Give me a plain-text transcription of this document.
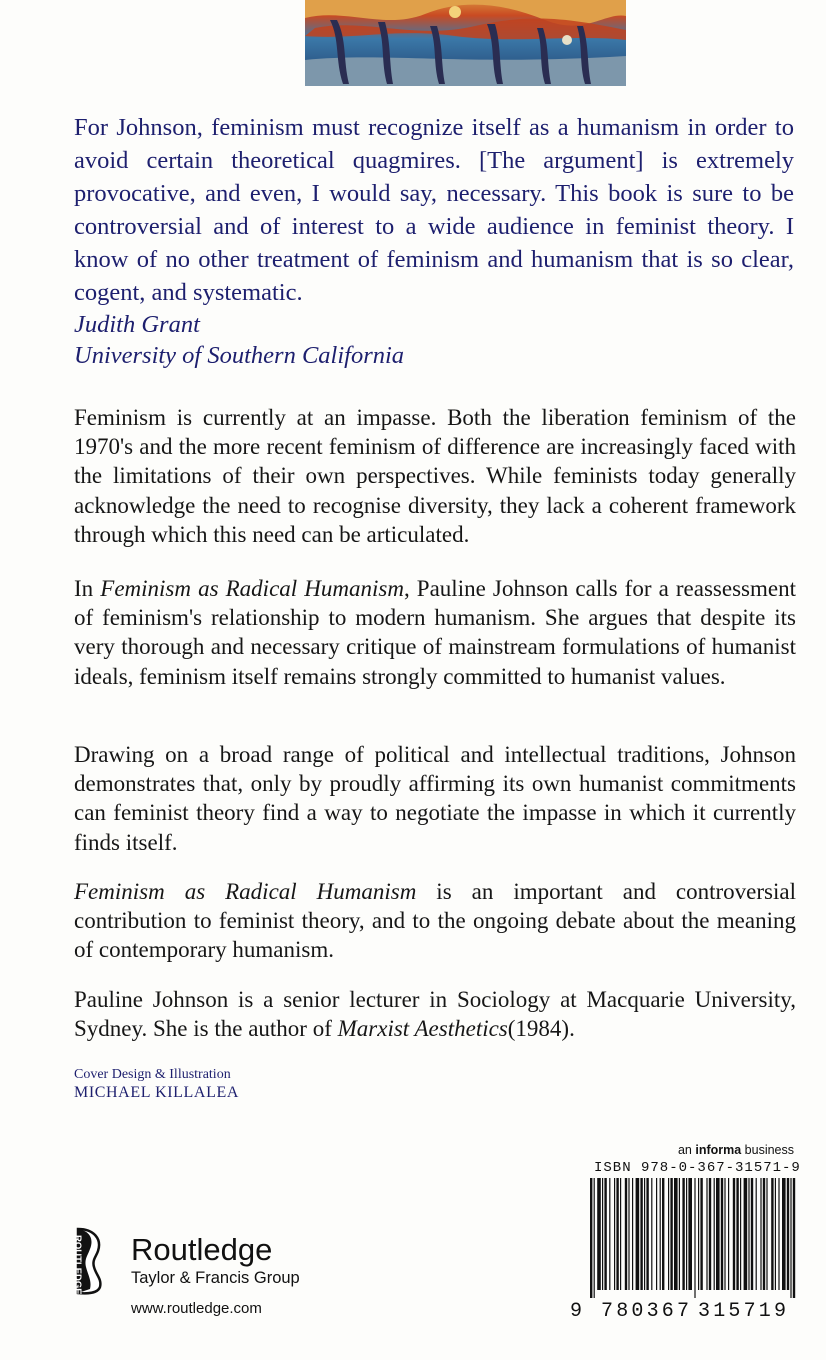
For Johnson, feminism must recognize itself as a humanism in order to avoid certain theoretical quagmires. [The argument] is extremely provocative, and even, I would say, necessary. This book is sure to be controversial and of interest to a wide audience in feminist theory. I know of no other treatment of feminism and humanism that is so clear, cogent, and systematic.

Judith Grant
University of Southern California

Feminism is currently at an impasse. Both the liberation feminism of the 1970's and the more recent feminism of difference are increasingly faced with the limitations of their own perspectives. While feminists today generally acknowledge the need to recognise diversity, they lack a coherent framework through which this need can be articulated.

In Feminism as Radical Humanism, Pauline Johnson calls for a reassessment of feminism's relationship to modern humanism. She argues that despite its very thorough and necessary critique of mainstream formulations of humanist ideals, feminism itself remains strongly committed to humanist values.

Drawing on a broad range of political and intellectual traditions, Johnson demonstrates that, only by proudly affirming its own humanist commitments can feminist theory find a way to negotiate the impasse in which it currently finds itself.

Feminism as Radical Humanism is an important and controversial contribution to feminist theory, and to the ongoing debate about the meaning of contemporary humanism.

Pauline Johnson is a senior lecturer in Sociology at Macquarie University, Sydney. She is the author of Marxist Aesthetics(1984).

Cover Design & Illustration
MICHAEL KILLALEA
ROUTLEDGE Routledge
Taylor & Francis Group
www.routledge.com
an informa business
ISBN 978-0-367-31571-9
9 780367 315719
